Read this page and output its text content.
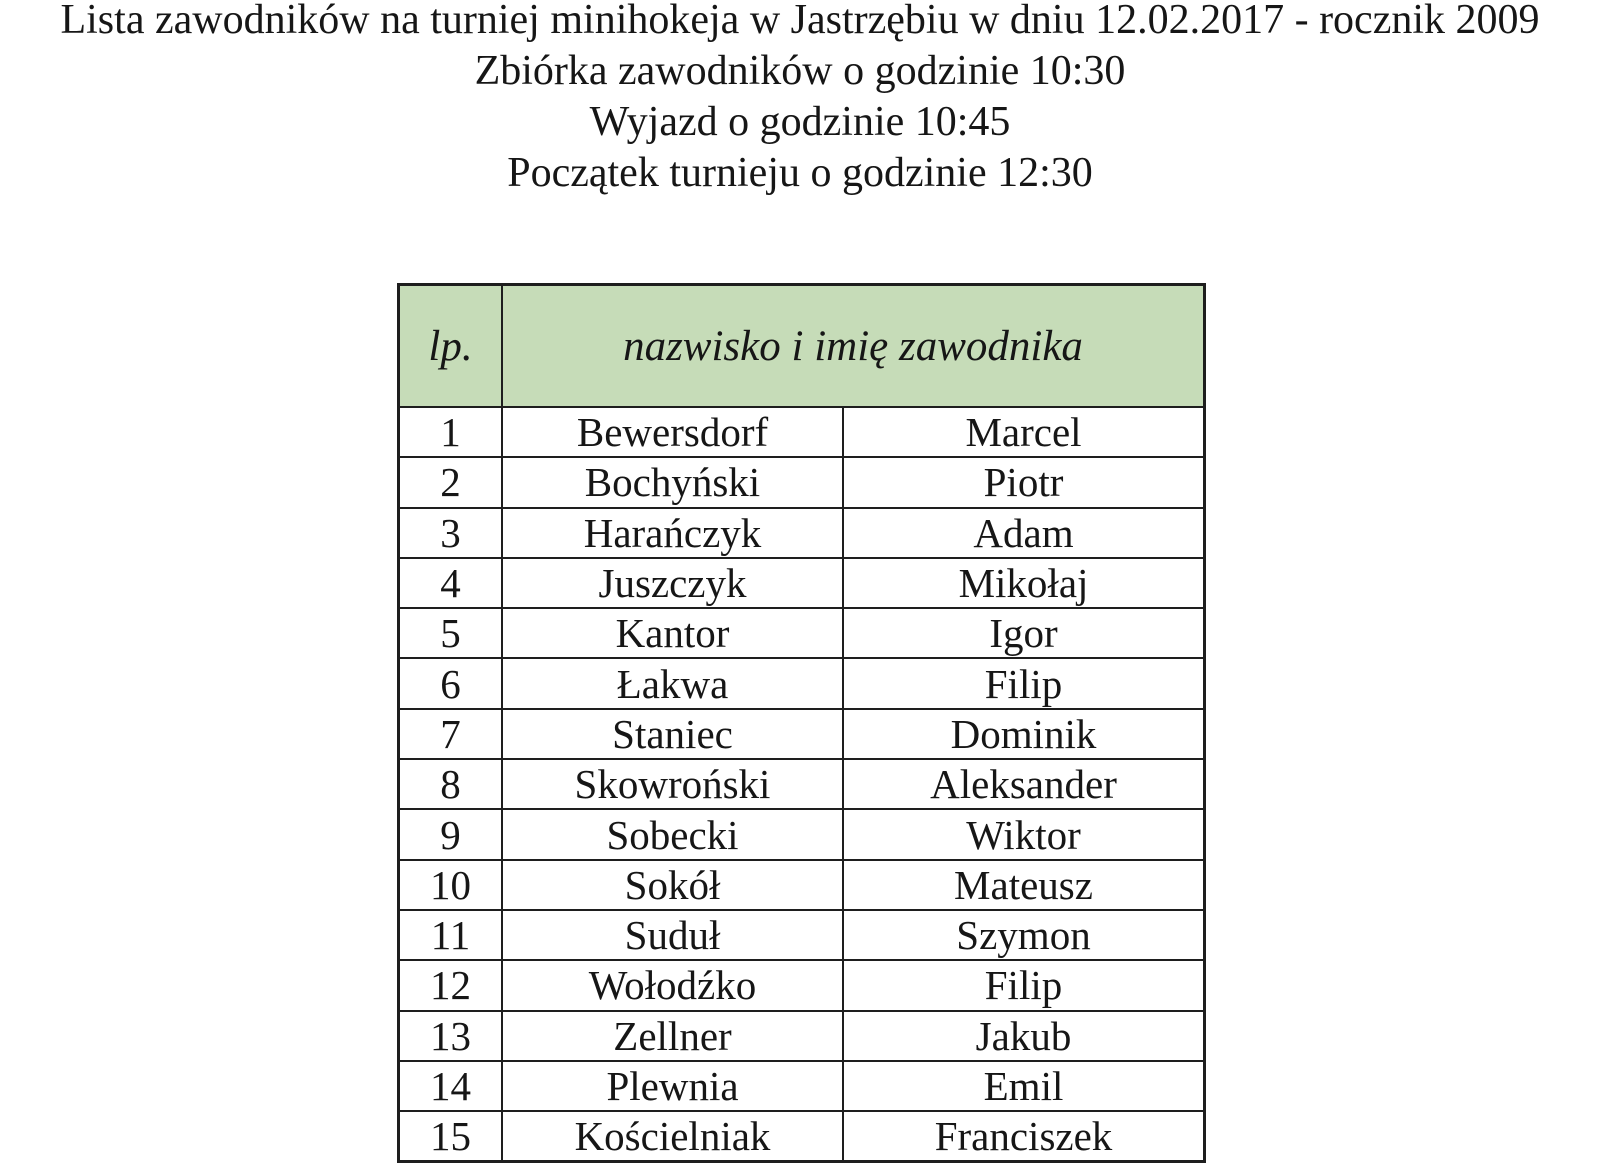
Lista zawodników na turniej minihokeja w Jastrzębiu w dniu 12.02.2017 - rocznik 2009
Zbiórka zawodników o godzinie 10:30
Wyjazd o godzinie 10:45
Początek turnieju o godzinie 12:30
lp.	nazwisko i imię zawodnika
1	Bewersdorf	Marcel
2	Bochyński	Piotr
3	Harańczyk	Adam
4	Juszczyk	Mikołaj
5	Kantor	Igor
6	Łakwa	Filip
7	Staniec	Dominik
8	Skowroński	Aleksander
9	Sobecki	Wiktor
10	Sokół	Mateusz
11	Suduł	Szymon
12	Wołodźko	Filip
13	Zellner	Jakub
14	Plewnia	Emil
15	Kościelniak	Franciszek
